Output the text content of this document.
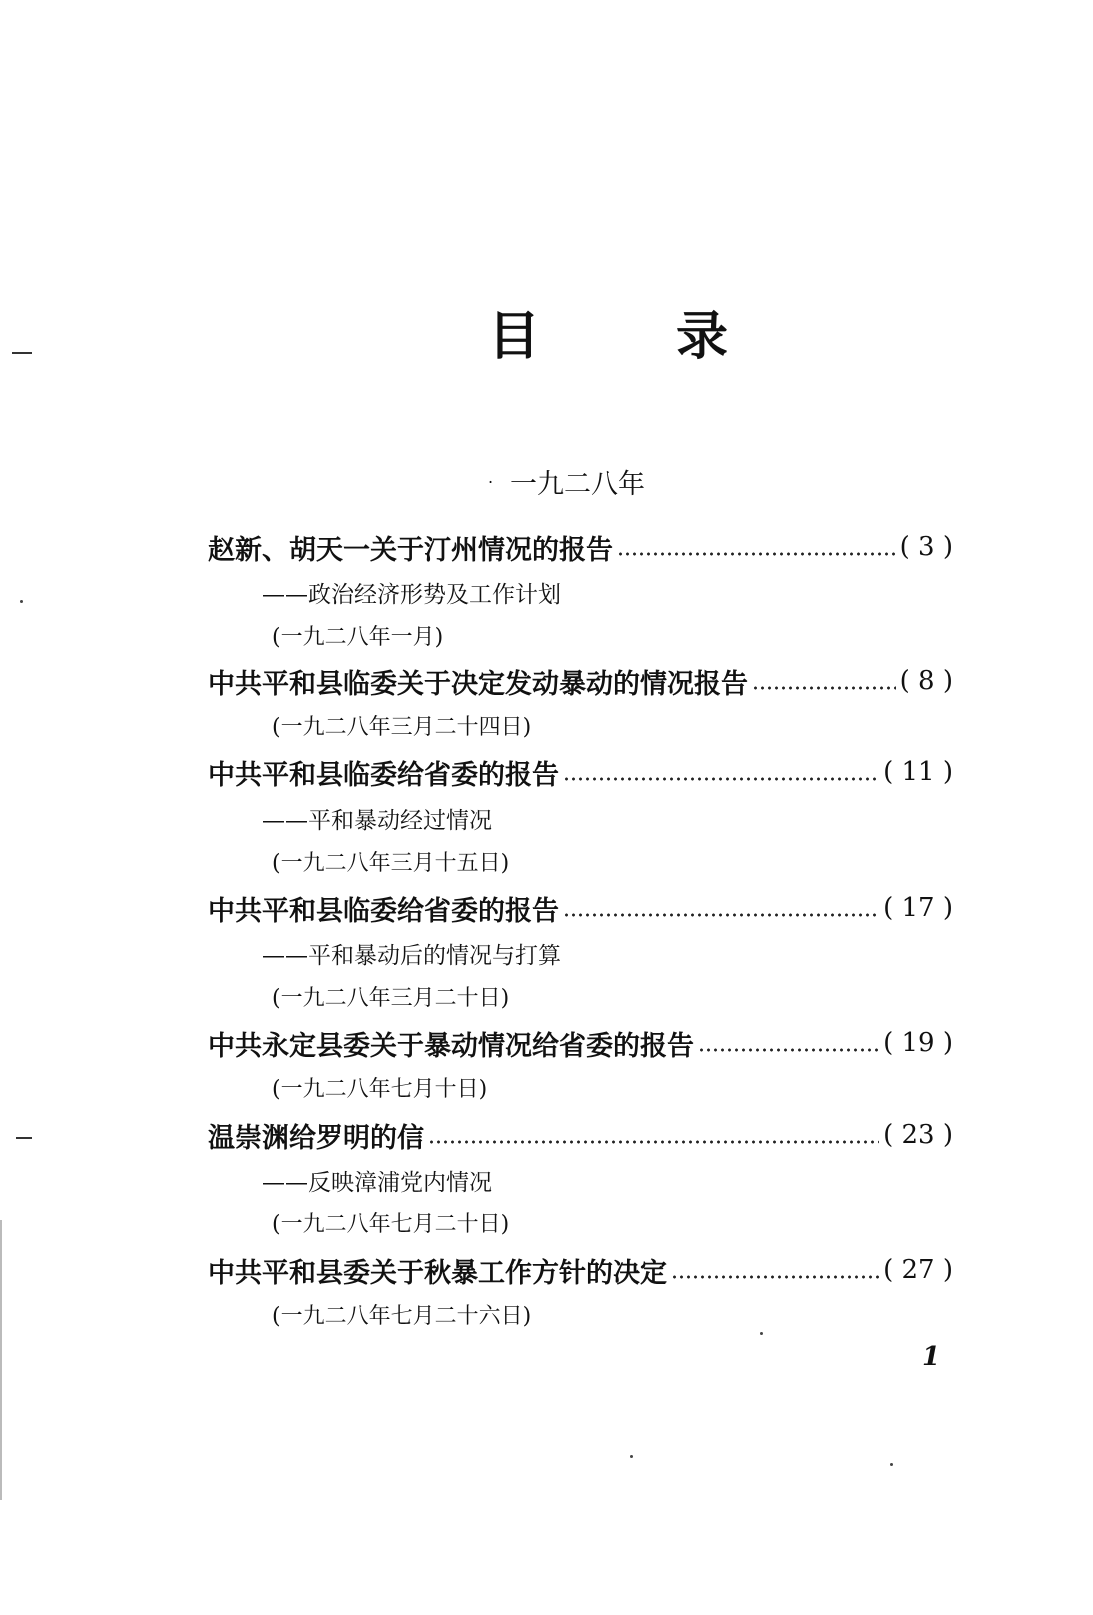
目	录
. 一九二八年
赵新、胡天一关于汀州情况的报告	( 3 )
——政治经济形势及工作计划
(一九二八年一月)
中共平和县临委关于决定发动暴动的情况报告	( 8 )
(一九二八年三月二十四日)
中共平和县临委给省委的报告	( 11 )
——平和暴动经过情况
(一九二八年三月十五日)
中共平和县临委给省委的报告	( 17 )
——平和暴动后的情况与打算
(一九二八年三月二十日)
中共永定县委关于暴动情况给省委的报告	( 19 )
(一九二八年七月十日)
温崇渊给罗明的信	( 23 )
——反映漳浦党内情况
(一九二八年七月二十日)
中共平和县委关于秋暴工作方针的决定	( 27 )
(一九二八年七月二十六日)
1
